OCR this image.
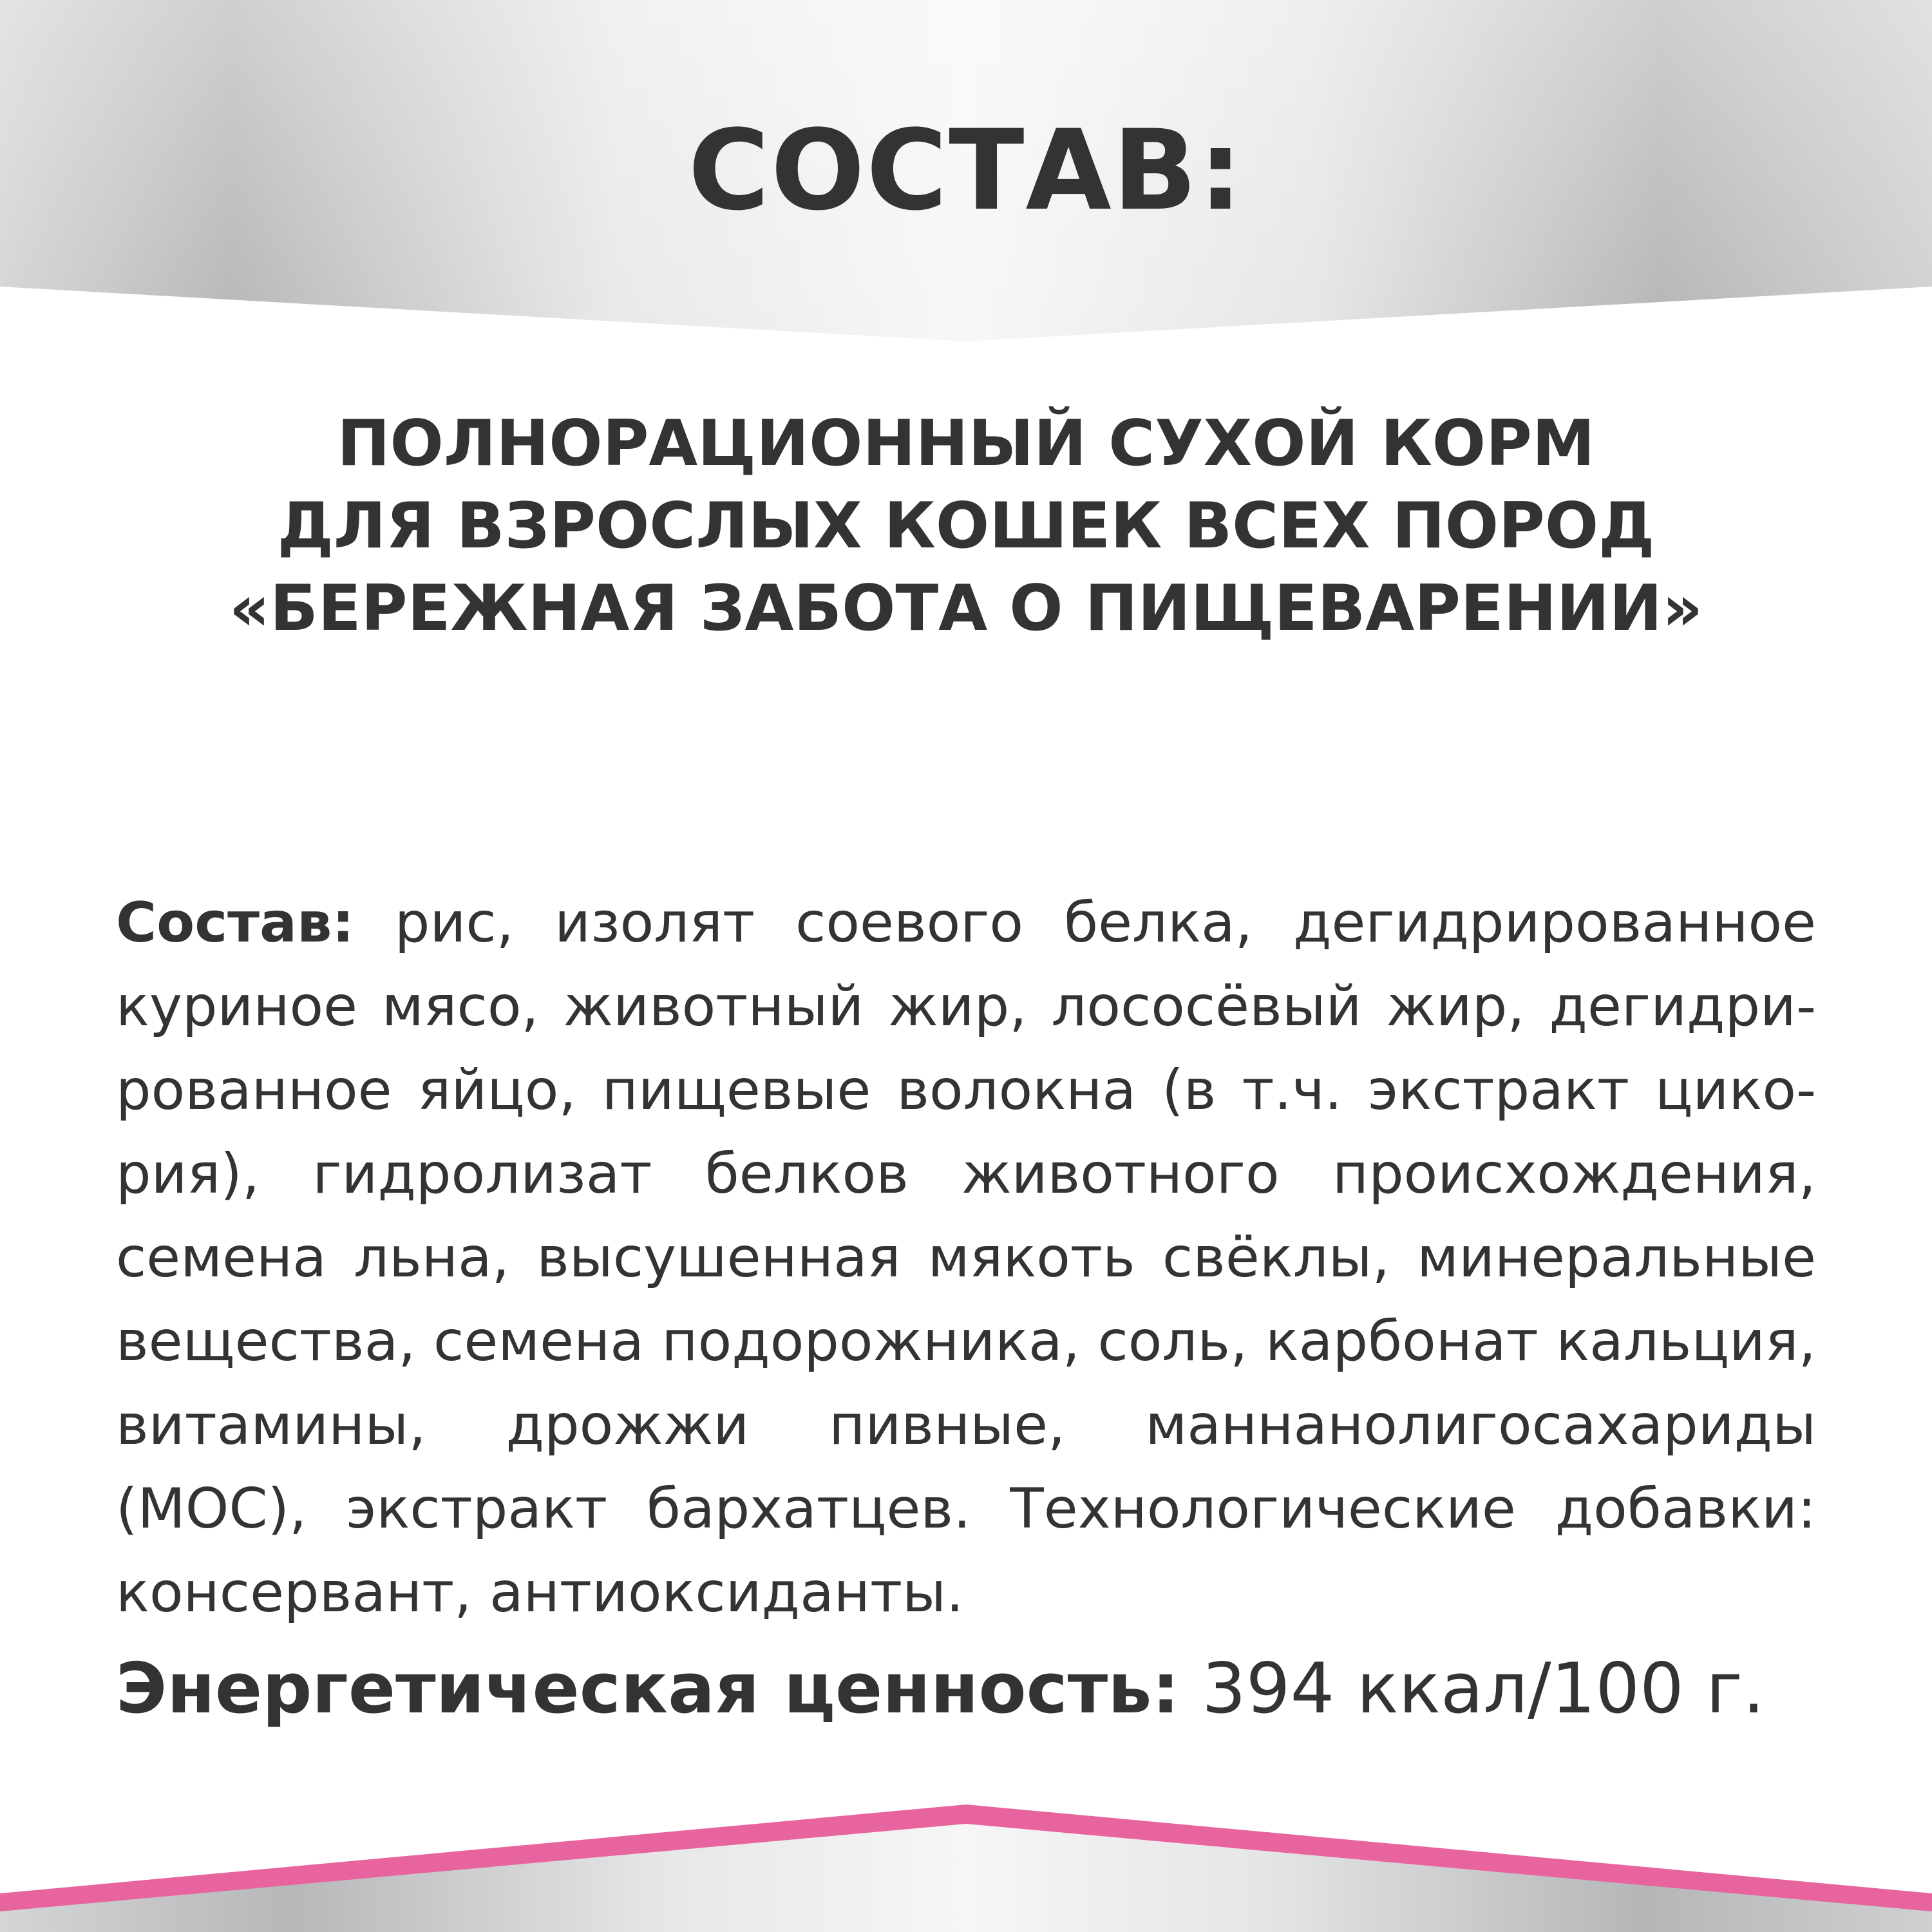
СОСТАВ:
ПОЛНОРАЦИОННЫЙ СУХОЙ КОРМ
ДЛЯ ВЗРОСЛЫХ КОШЕК ВСЕХ ПОРОД
«БЕРЕЖНАЯ ЗАБОТА О ПИЩЕВАРЕНИИ»
Состав: рис, изолят соевого белка, дегидрированное куриное мясо, животный жир, лососёвый жир, дегидрированное яйцо, пищевые волокна (в т.ч. экстракт цикория), гидролизат белков животного происхождения, семена льна, высушенная мякоть свёклы, минеральные вещества, семена подорожника, соль, карбонат кальция, витамины, дрожжи пивные, маннанолигосахариды (МОС), экстракт бархатцев. Технологические добавки: консервант, антиоксиданты.
Энергетическая ценность: 394 ккал/100 г.
